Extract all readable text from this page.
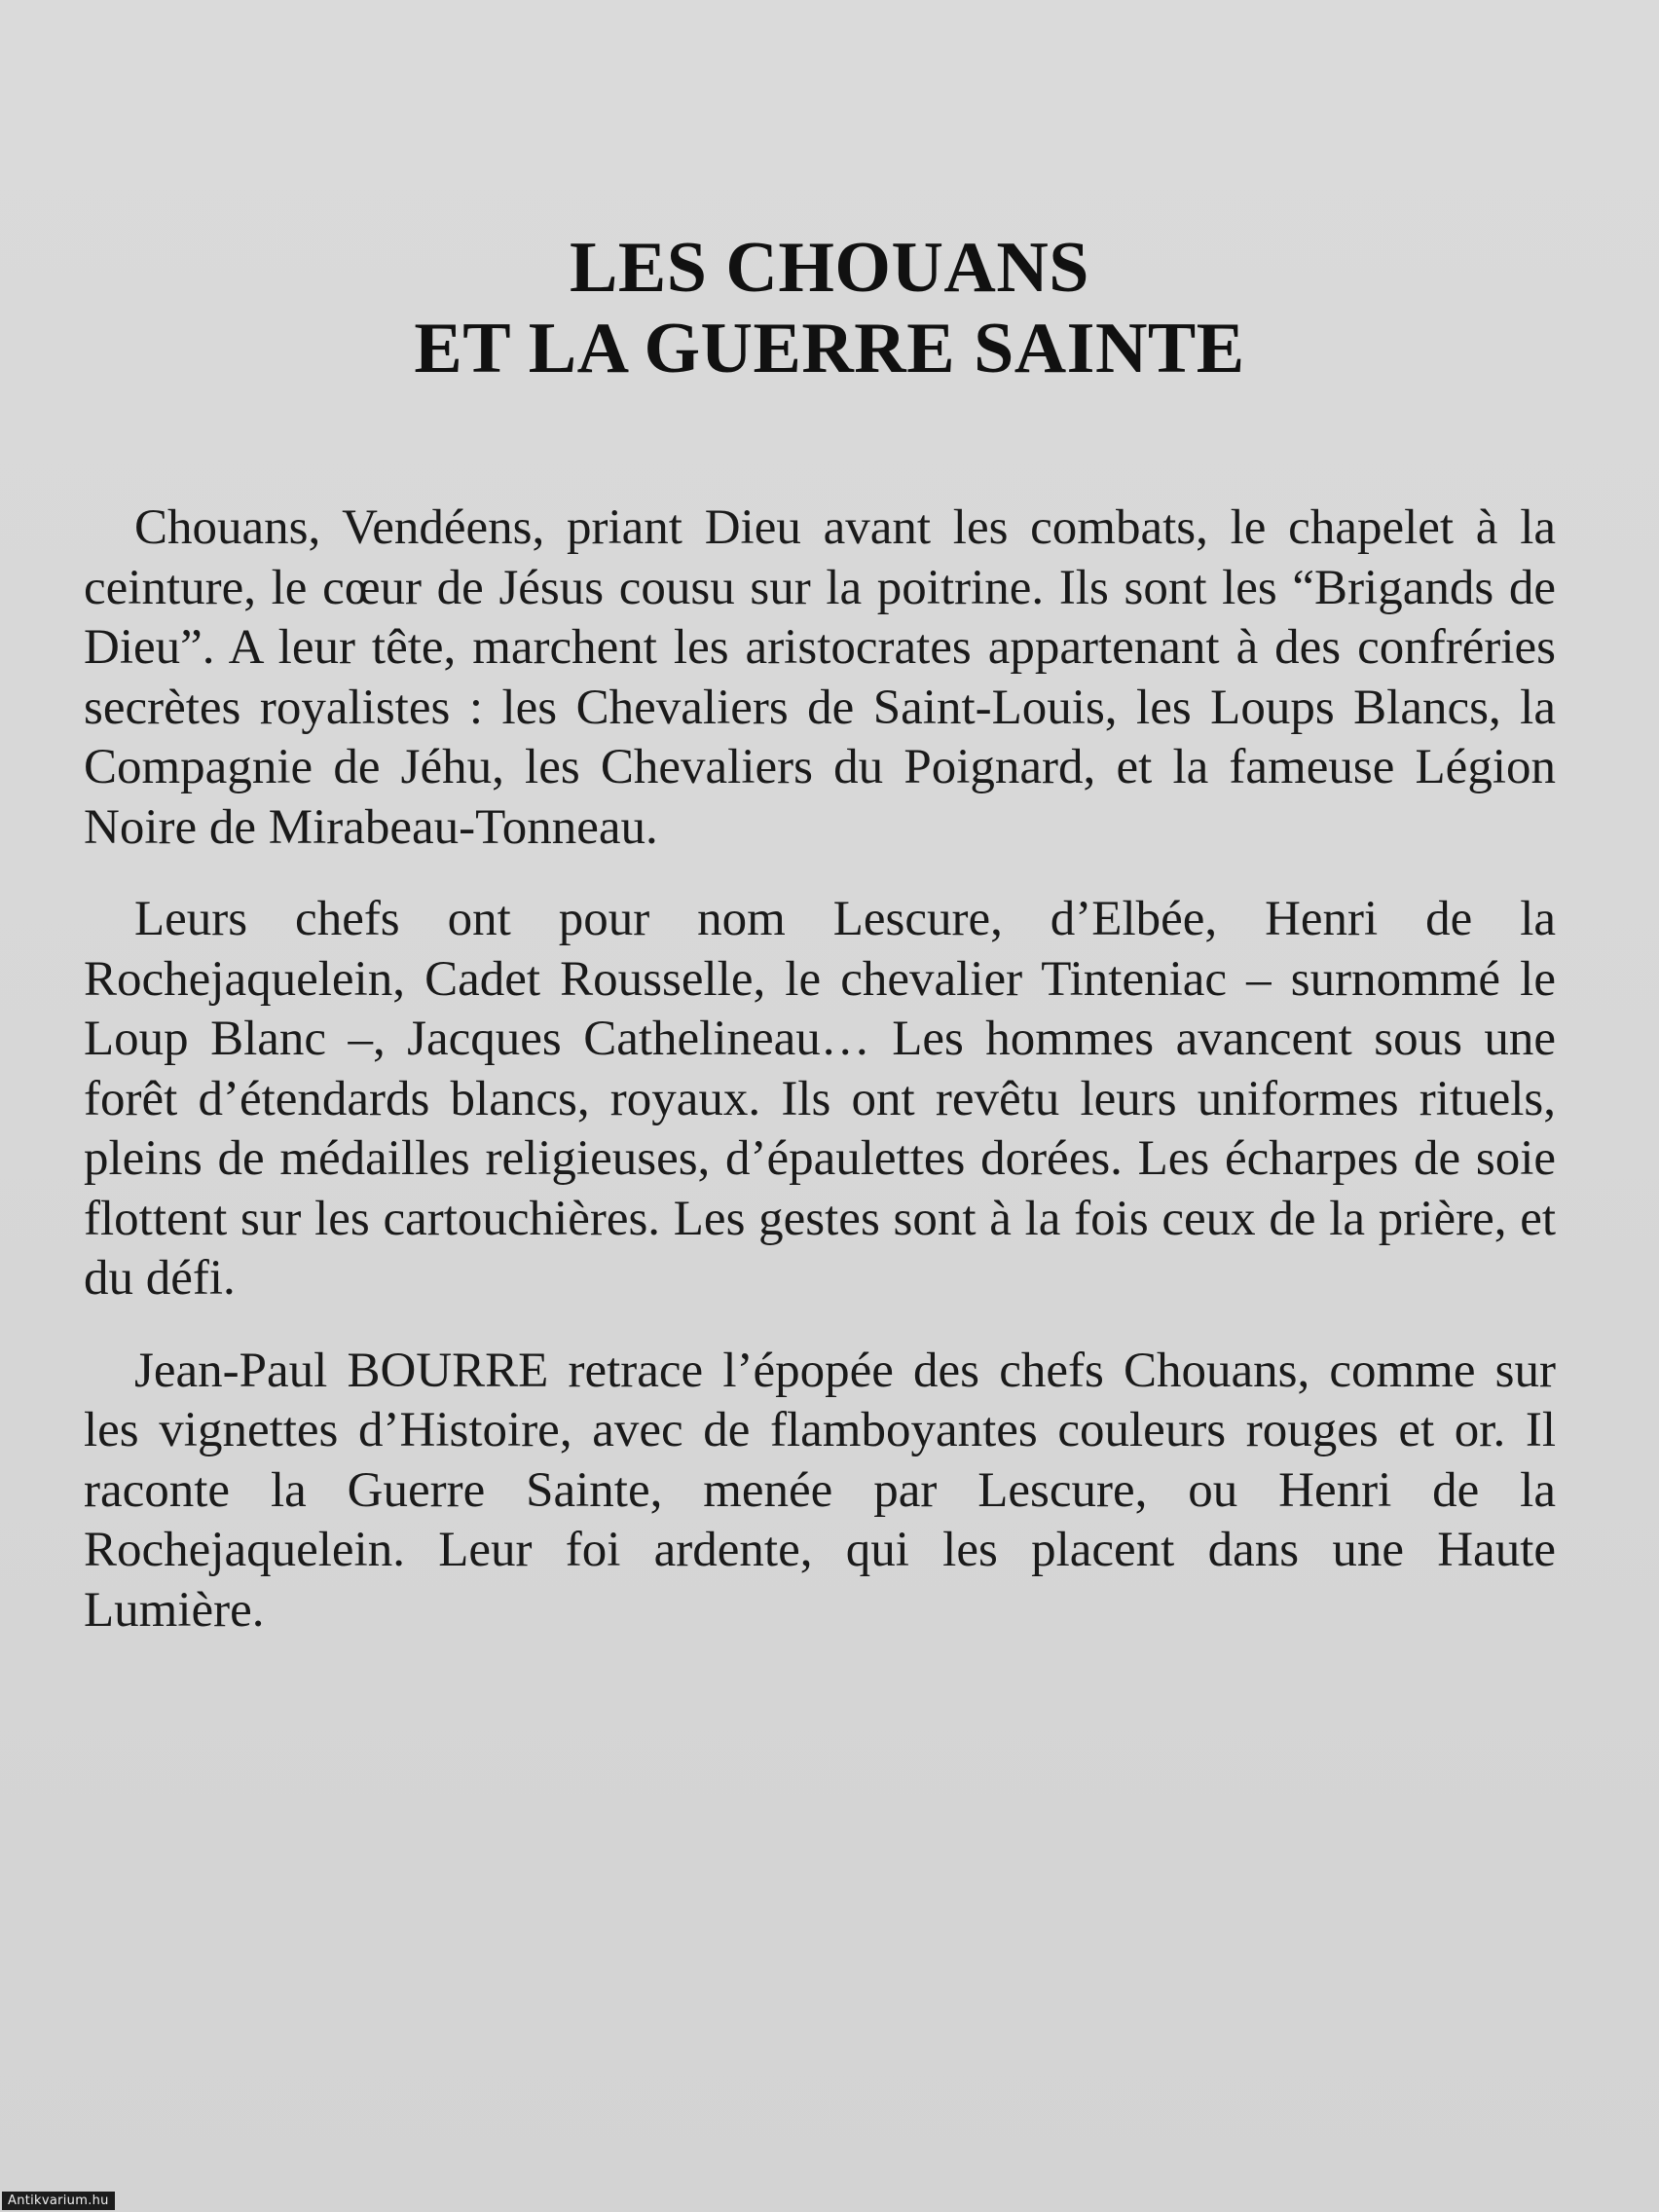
LES CHOUANS
ET LA GUERRE SAINTE

Chouans, Vendéens, priant Dieu avant les combats, le chapelet à la ceinture, le cœur de Jésus cousu sur la poitrine. Ils sont les “Brigands de Dieu”. A leur tête, marchent les aristocrates appartenant à des confréries secrètes royalistes : les Chevaliers de Saint-Louis, les Loups Blancs, la Compagnie de Jéhu, les Chevaliers du Poignard, et la fameuse Légion Noire de Mirabeau-Tonneau.

Leurs chefs ont pour nom Lescure, d’Elbée, Henri de la Rochejaquelein, Cadet Rousselle, le chevalier Tinteniac – surnommé le Loup Blanc –, Jacques Cathelineau… Les hommes avancent sous une forêt d’étendards blancs, royaux. Ils ont revêtu leurs uniformes rituels, pleins de médailles religieuses, d’épaulettes dorées. Les écharpes de soie flottent sur les cartouchières. Les gestes sont à la fois ceux de la prière, et du défi.

Jean-Paul BOURRE retrace l’épopée des chefs Chouans, comme sur les vignettes d’Histoire, avec de flamboyantes couleurs rouges et or. Il raconte la Guerre Sainte, menée par Lescure, ou Henri de la Rochejaquelein. Leur foi ardente, qui les placent dans une Haute Lumière.

Antikvarium.hu
